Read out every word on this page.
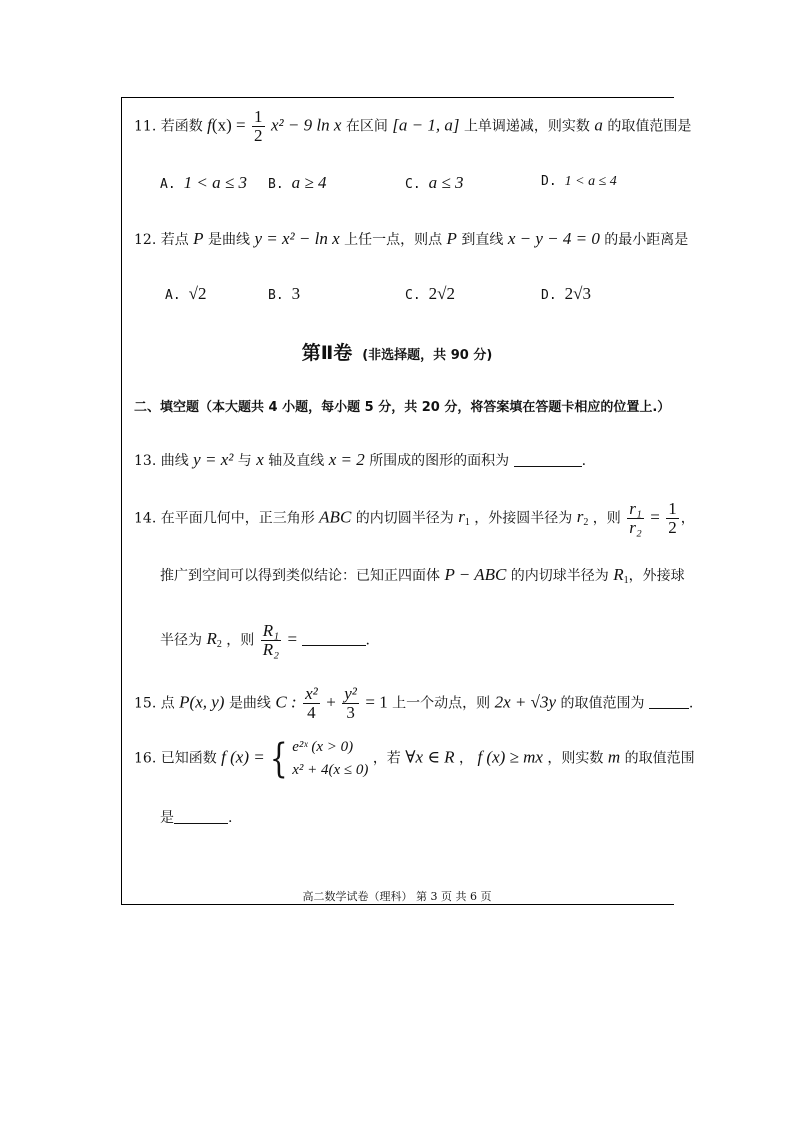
11. 若函数 $f(x) = \frac{1}{2} x^2 - 9$ ln x 在区间 [a − 1, a] 上单调递减，则实数 a 的取值范围是
A. 1 < a ≤ 3 B. a ≥ 4	C. a ≤ 3	D. 1 < a ≤ 4
12. 若点 P 是曲线 y = x² − ln x 上任一点，则点 P 到直线 x − y − 4 = 0 的最小距离是
A. √2	B. 3	C. 2√2	D. 2√3
第Ⅱ卷 (非选择题，共 90 分)
二、填空题（本大题共 4 小题，每小题 5 分，共 20 分，将答案填在答题卡相应的位置上.）
13. 曲线 y = x² 与 x 轴及直线 x = 2 所围成的图形的面积为	.
14. 在平面几何中，正三角形 ABC 的内切圆半径为 $r_1$ ，外接圆半径为 $r_2$ ，则 $\frac{\text{r₁}}{\text{r₂}} = \frac{1}{2}$ ，
推广到空间可以得到类似结论：已知正四面体 P − ABC 的内切球半径为 $R_1$，外接球
半径为 $R_2$ ，则 $\frac{\text{R₁}}{\text{R₂}}$ =	.
15. 点 P(x, y) 是曲线 C : $\frac{\text{x²}}{4} + \frac{\text{y²}}{3} = 1$ 上一个动点，则 2x + √3y 的取值范围为	.
16. 已知函数 f (x) = { e²ˣ (x > 0)
x² + 4(x ≤ 0)
，若 ∀x ∈ R ， f (x) ≥ mx ，则实数 m 的取值范围
是	.
高二数学试卷（理科） 第 3 页 共 6 页
